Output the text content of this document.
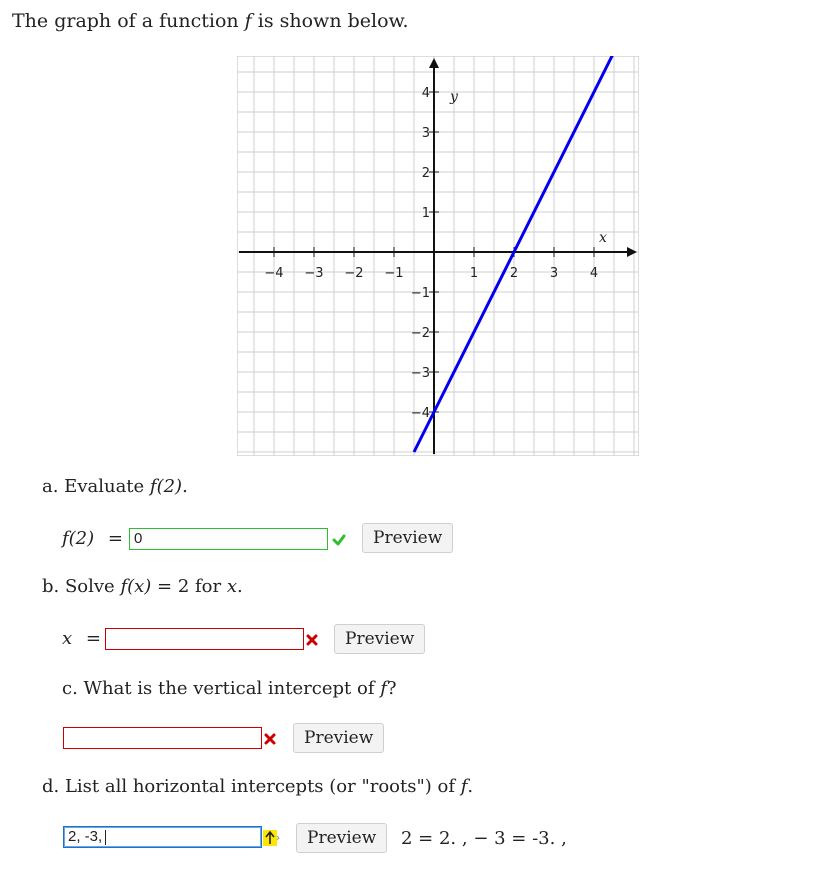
The graph of a function f is shown below.
x
y
−4 −3 −2 −1	1 2 3 4
4
3
2
1
−1
−2
−3
−4
a. Evaluate f(2).
f(2) = 0	Preview
b. Solve f(x) = 2 for x.
x =	Preview
c. What is the vertical intercept of f?
Preview
d. List all horizontal intercepts (or "roots") of f.
2, -3,	Preview	2 = 2. , − 3 = -3. ,
